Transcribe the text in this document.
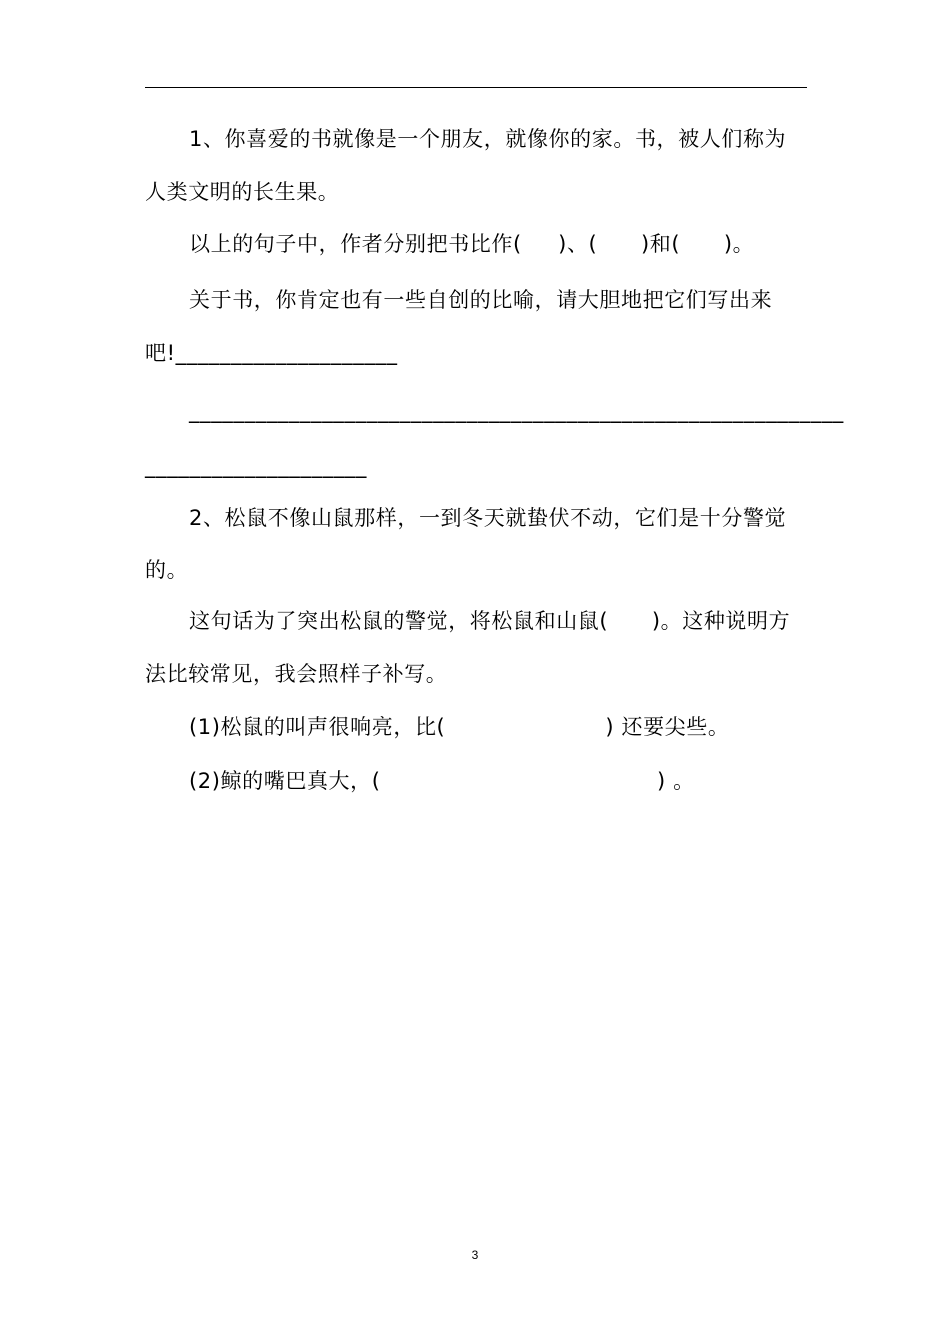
1、你喜爱的书就像是一个朋友，就像你的家。书，被人们称为
人类文明的长生果。
以上的句子中，作者分别把书比作(     )、(      )和(      )。
关于书，你肯定也有一些自创的比喻，请大胆地把它们写出来
吧!____________________
___________________________________________________________
____________________
2、松鼠不像山鼠那样，一到冬天就蛰伏不动，它们是十分警觉
的。
这句话为了突出松鼠的警觉，将松鼠和山鼠(      )。这种说明方
法比较常见，我会照样子补写。
(1)松鼠的叫声很响亮，比(                      ) 还要尖些。
(2)鲸的嘴巴真大，(                                      ) 。
3
